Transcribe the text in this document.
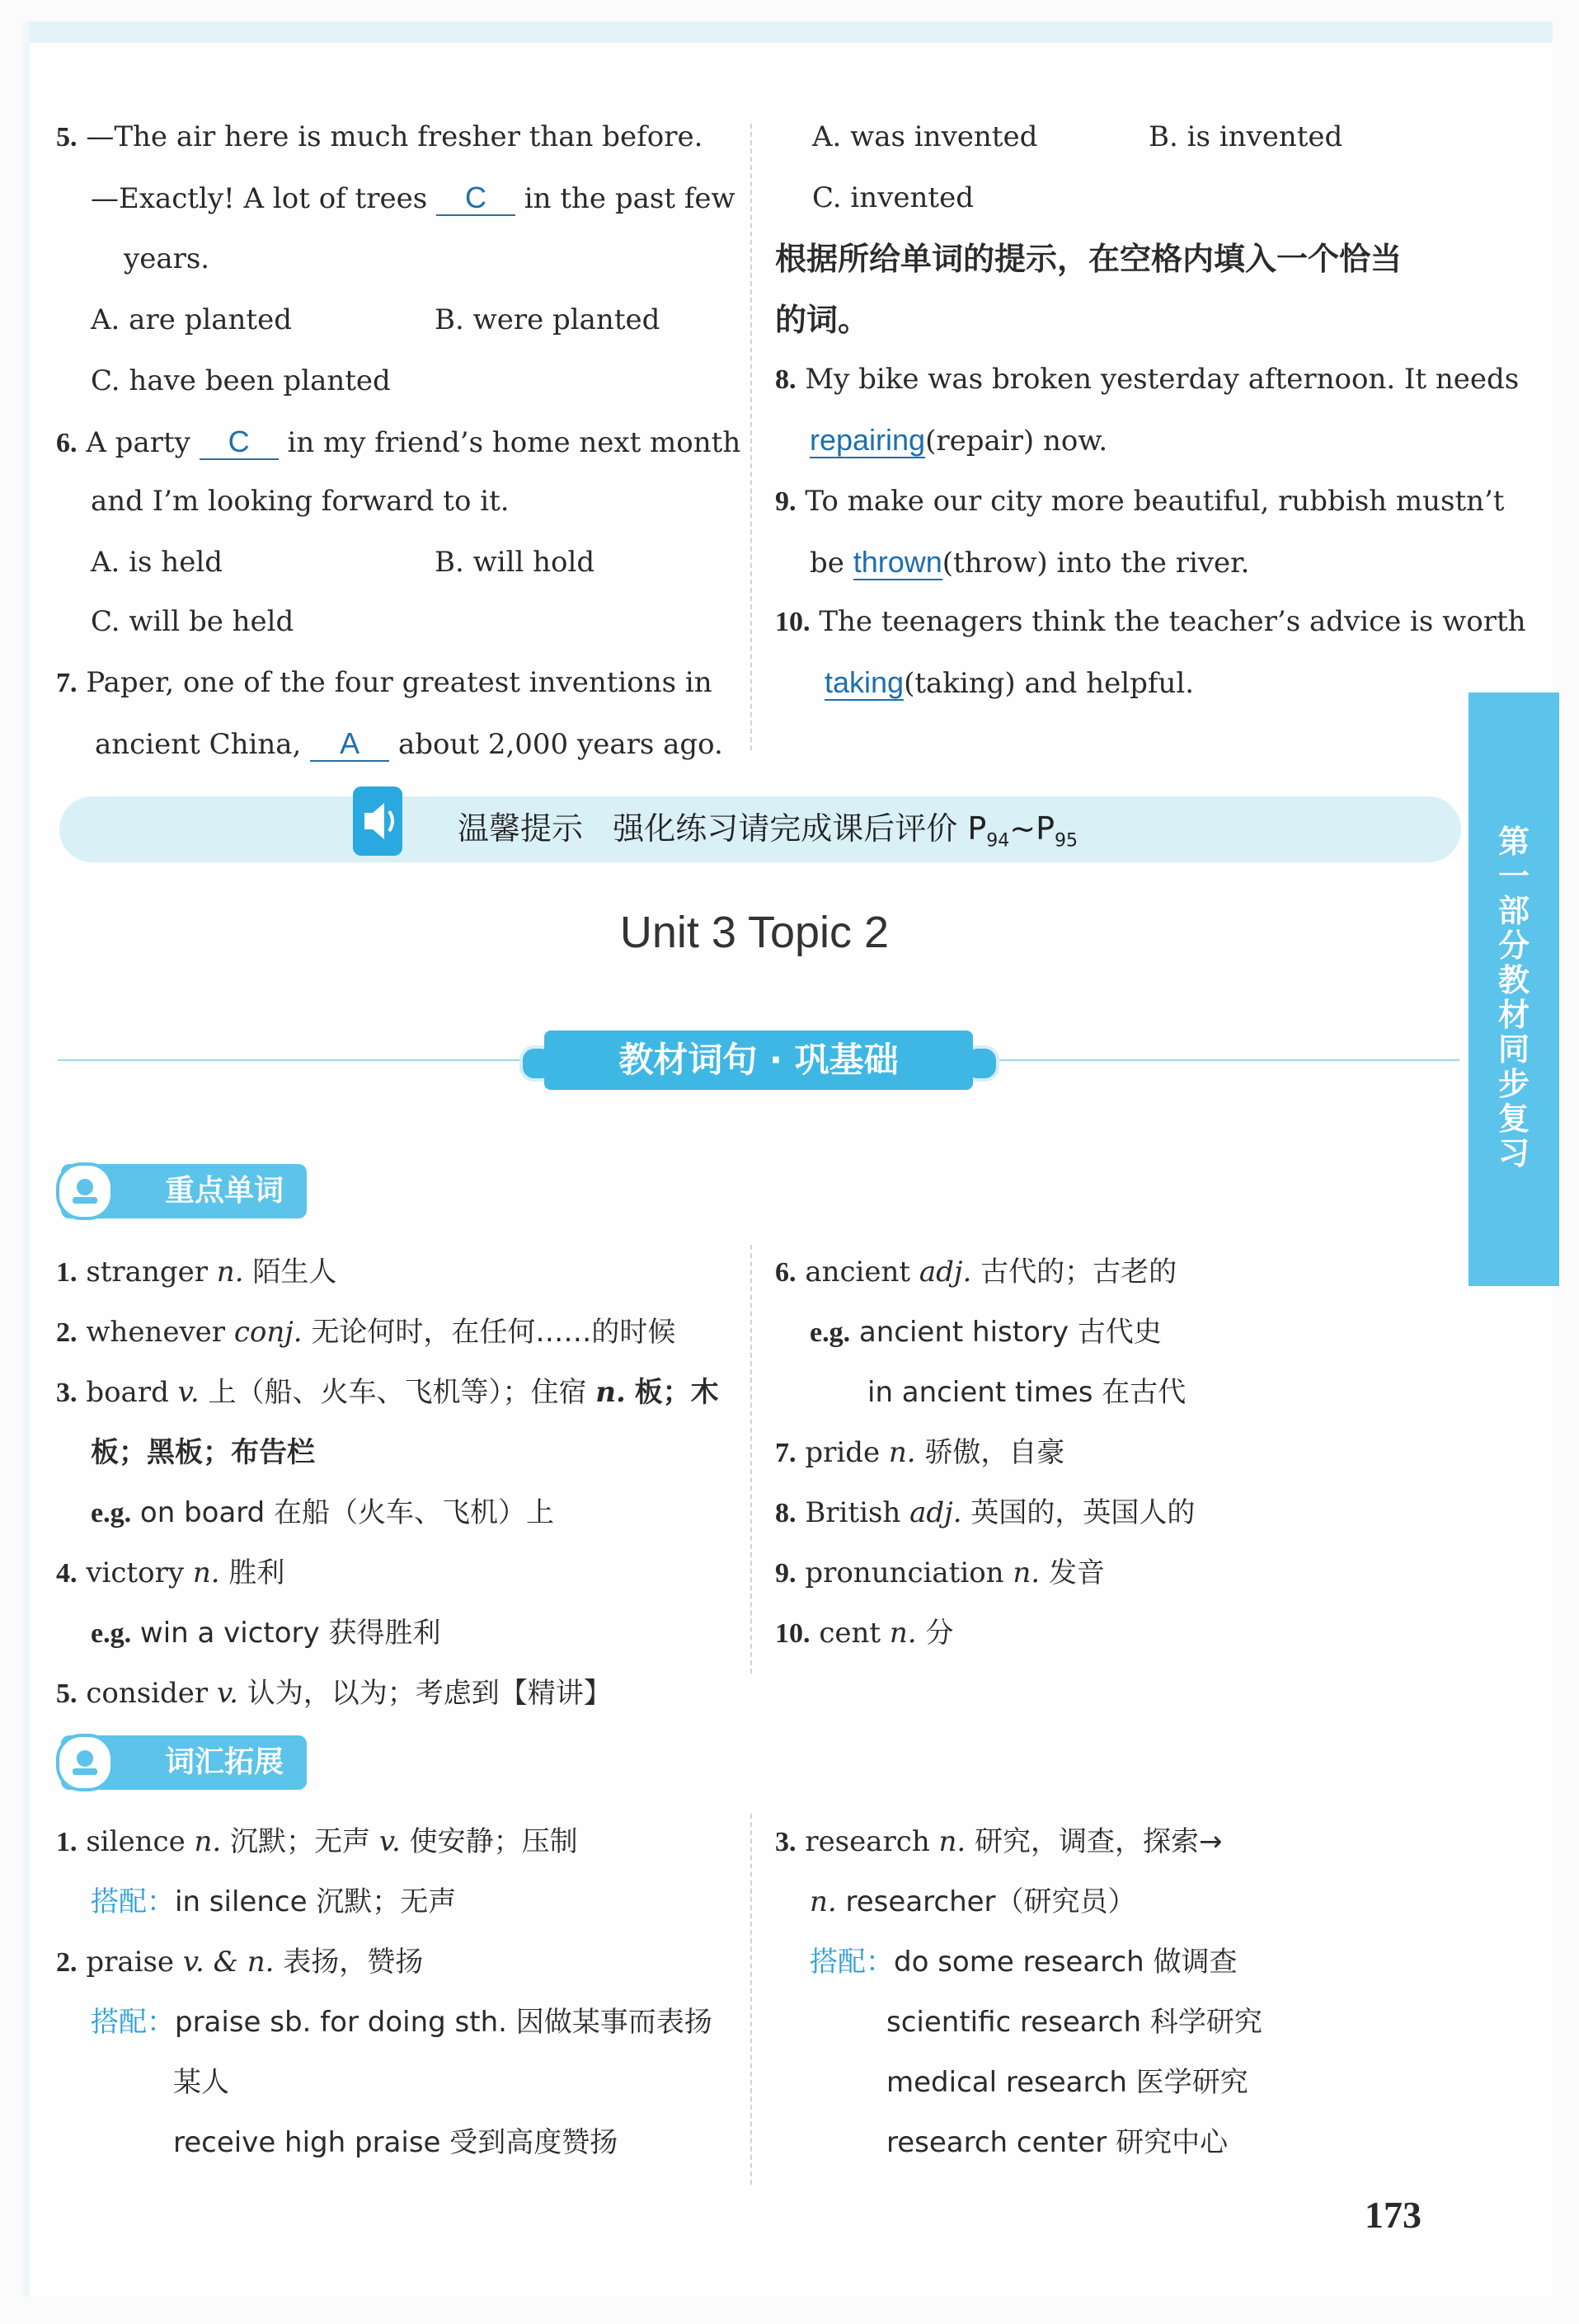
5. —The air here is much fresher than before.
—Exactly! A lot of trees C in the past few
years.
A. are planted	B. were planted
C. have been planted
6. A party C in my friend’s home next month
and I’m looking forward to it.
A. is held	B. will hold
C. will be held
7. Paper, one of the four greatest inventions in
ancient China, A about 2,000 years ago.
A. was invented	B. is invented
C. invented
根据所给单词的提示，在空格内填入一个恰当
的词。
8. My bike was broken yesterday afternoon. It needs
repairing(repair) now.
9. To make our city more beautiful, rubbish mustn’t
be thrown(throw) into the river.
10. The teenagers think the teacher’s advice is worth
taking(taking) and helpful.
温馨提示 强化练习请完成课后评价 $P_{94}\sim P_{95}$
Unit 3 Topic 2
教材词句 · 巩基础
重点单词
1. stranger n. 陌生人
2. whenever conj. 无论何时，在任何……的时候
3. board v. 上（船、火车、飞机等）；住宿 n. 板；木
板；黑板；布告栏
e.g. on board 在船（火车、飞机）上
4. victory n. 胜利
e.g. win a victory 获得胜利
5. consider v. 认为，以为；考虑到【精讲】
6. ancient adj. 古代的；古老的
e.g. ancient history 古代史
in ancient times 在古代
7. pride n. 骄傲，自豪
8. British adj. 英国的，英国人的
9. pronunciation n. 发音
10. cent n. 分
词汇拓展
1. silence n. 沉默；无声 v. 使安静；压制
搭配：in silence 沉默；无声
2. praise v. & n. 表扬，赞扬
搭配：praise sb. for doing sth. 因做某事而表扬
某人
receive high praise 受到高度赞扬
3. research n. 研究，调查，探索→
n. researcher（研究员）
搭配：do some research 做调查
scientific research 科学研究
medical research 医学研究
research center 研究中心
第一部分 教材同步复习
173
